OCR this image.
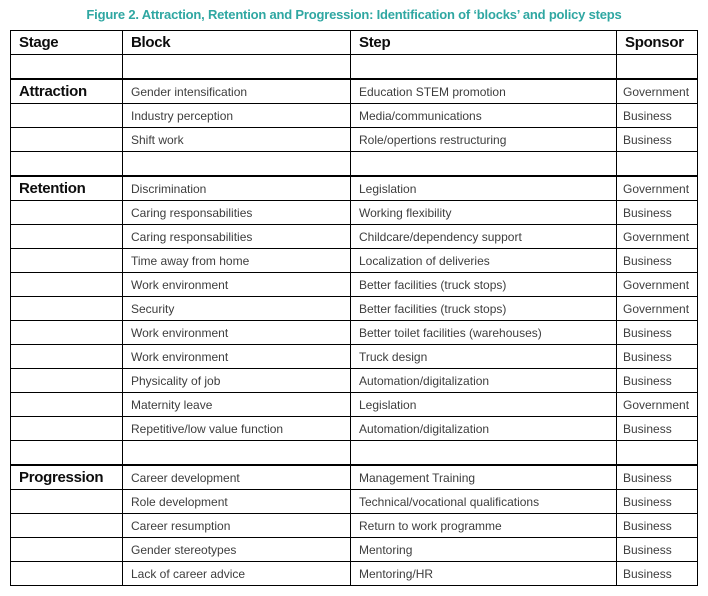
Figure 2. Attraction, Retention and Progression: Identification of ‘blocks’ and policy steps
Stage	Block	Step	Sponsor

Attraction	Gender intensification	Education STEM promotion	Government
	Industry perception	Media/communications	Business
	Shift work	Role/opertions restructuring	Business

Retention	Discrimination	Legislation	Government
	Caring responsabilities	Working flexibility	Business
	Caring responsabilities	Childcare/dependency support	Government
	Time away from home	Localization of deliveries	Business
	Work environment	Better facilities (truck stops)	Government
	Security	Better facilities (truck stops)	Government
	Work environment	Better toilet facilities (warehouses)	Business
	Work environment	Truck design	Business
	Physicality of job	Automation/digitalization	Business
	Maternity leave	Legislation	Government
	Repetitive/low value function	Automation/digitalization	Business

Progression	Career development	Management Training	Business
	Role development	Technical/vocational qualifications	Business
	Career resumption	Return to work programme	Business
	Gender stereotypes	Mentoring	Business
	Lack of career advice	Mentoring/HR	Business
